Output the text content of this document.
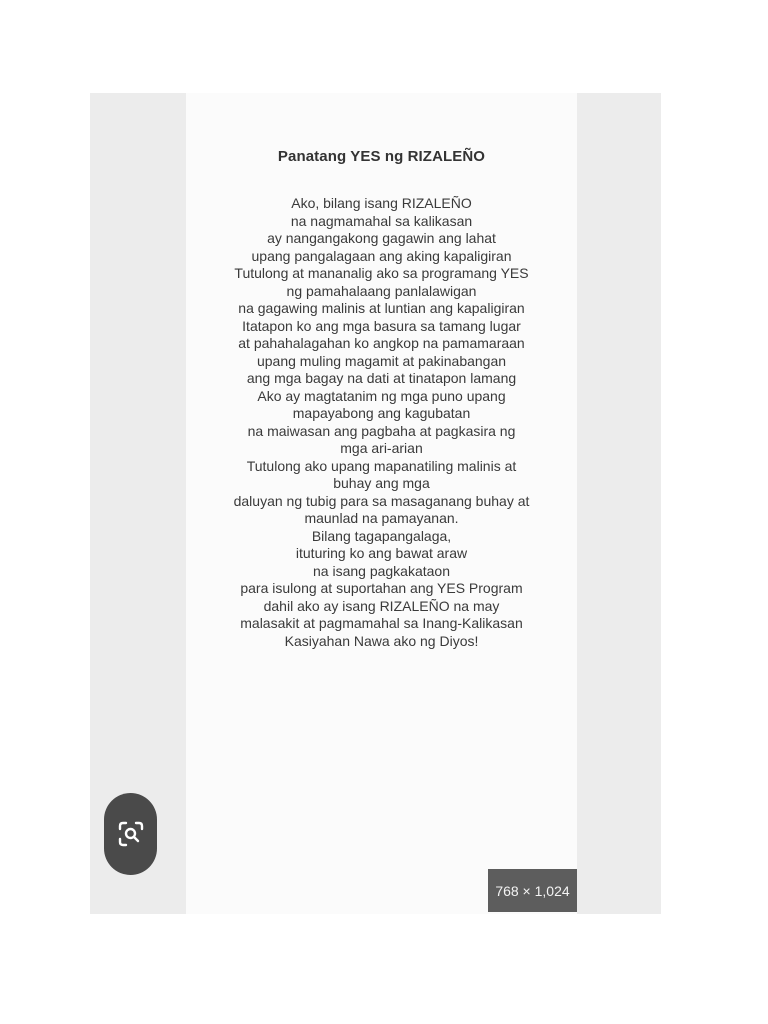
Panatang YES ng RIZALEÑO
Ako, bilang isang RIZALEÑO
na nagmamahal sa kalikasan
ay nangangakong gagawin ang lahat
upang pangalagaan ang aking kapaligiran
Tutulong at mananalig ako sa programang YES
ng pamahalaang panlalawigan
na gagawing malinis at luntian ang kapaligiran
Itatapon ko ang mga basura sa tamang lugar
at pahahalagahan ko angkop na pamamaraan
upang muling magamit at pakinabangan
ang mga bagay na dati at tinatapon lamang
Ako ay magtatanim ng mga puno upang
mapayabong ang kagubatan
na maiwasan ang pagbaha at pagkasira ng
mga ari-arian
Tutulong ako upang mapanatiling malinis at
buhay ang mga
daluyan ng tubig para sa masaganang buhay at
maunlad na pamayanan.
Bilang tagapangalaga,
ituturing ko ang bawat araw
na isang pagkakataon
para isulong at suportahan ang YES Program
dahil ako ay isang RIZALEÑO na may
malasakit at pagmamahal sa Inang-Kalikasan
Kasiyahan Nawa ako ng Diyos!
768 × 1,024
